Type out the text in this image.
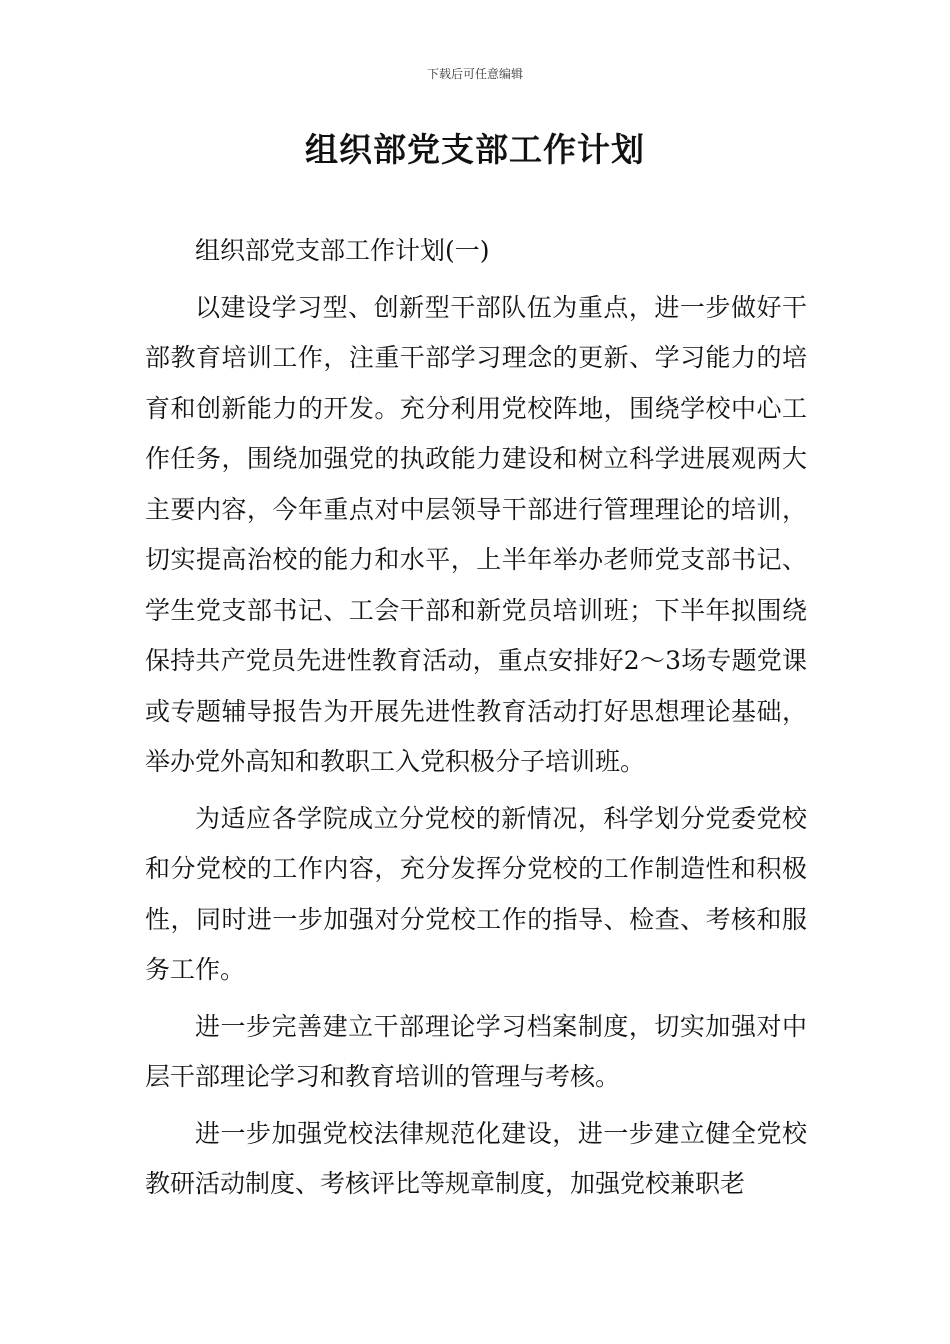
下载后可任意编辑
组织部党支部工作计划

组织部党支部工作计划(一)

以建设学习型、创新型干部队伍为重点，进一步做好干部教育培训工作，注重干部学习理念的更新、学习能力的培育和创新能力的开发。充分利用党校阵地，围绕学校中心工作任务，围绕加强党的执政能力建设和树立科学进展观两大主要内容，今年重点对中层领导干部进行管理理论的培训，切实提高治校的能力和水平，上半年举办老师党支部书记、学生党支部书记、工会干部和新党员培训班；下半年拟围绕保持共产党员先进性教育活动，重点安排好2～3场专题党课或专题辅导报告为开展先进性教育活动打好思想理论基础，举办党外高知和教职工入党积极分子培训班。

为适应各学院成立分党校的新情况，科学划分党委党校和分党校的工作内容，充分发挥分党校的工作制造性和积极性，同时进一步加强对分党校工作的指导、检查、考核和服务工作。

进一步完善建立干部理论学习档案制度，切实加强对中层干部理论学习和教育培训的管理与考核。

进一步加强党校法律规范化建设，进一步建立健全党校教研活动制度、考核评比等规章制度，加强党校兼职老
